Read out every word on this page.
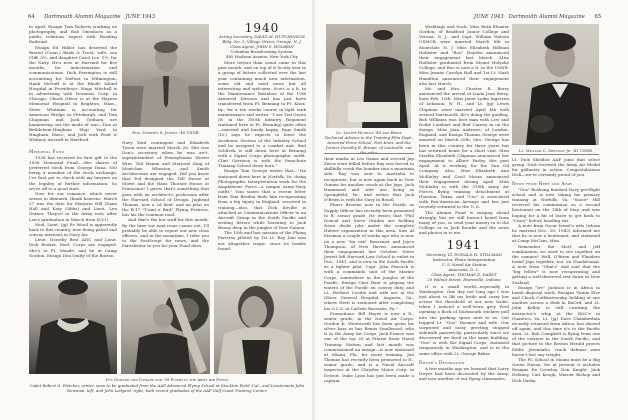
64 Dartmouth Alumni Magazine JUNE 1943

in April, Ensign Tom Roberts working on photography, and Bob Oxenhorn as a public relations expert with Reading Railroad.

Ensign Ed Hibler has deserted the Bristol (Conn.) Bank & Trust, wife, son Cliff, 3½, and daughter Carol Lee, 1½, for the Navy. He's now at Harvard for five months, for indoctrination and communications. Dick Farrington is still accounting for DuPont in Wilmington, Hank McDuff is at the Rhode Island Hospital in Providence. Hugo Mitchell is in advertising with Doremus Corp. in Chicago. Chuck Oliver is at the Haynes Memorial Hospital in Brighton, Mass., Steve Whitman is accounting for American Bridge in Pittsburgh, and Tom Chapman and Jack Graham are hammering out the mode of war—Tom at Bethlehem-Hingham Ship Yard in Hingham, Mass., and Jack with Pratt & Whitney Aircraft in Hartford.

Memorial Fund

1938 has received its first gift to the 1938 Memorial Fund.....five shares of preferred stock from George Dana. Not being a member of the stock exchange, I've first got to check with my lawyers on the legality of further information. So we're off to a good start.

Now for our romance, which never seems to diminish, thank heavens. March 27 was the date for Marjorie Hill (Dana Hall and Katy Gibbs) and Lieut. Len Gutner. They're in the Army now, after Len's graduation in March from N.Y.U.

Mod. Lieut. (jg) Ev Wood is apparently back in this country, now doing patrol and convoy missions in Navy Air.

Lieut. Dorothy Best ANC and Lieut. Dick Rooker, Med. Corps are engaged. She's at Ft. Meade, and he at Camp Gordon. Ensign Don Quilty of the Boston

Ens. Stephen S. Jewett '40 USNR

Navy Yard contingent and Elizabeth Tyson were married March 26. She was Don's secretary when he was aw't. superintendent of Pennsylvania Woven Wire. Ted Hamm and Marjorie King of Montclair, Wheaton, and Smith Architecture are engaged. Did you know that Ted designed the Toll House at Stowe and the Hans Thorner House at Franconia? I guess that's something that goes with an architect's profession after the Harvard School of Design. Jughead Thomas, now a 2d lieut. and an pilot on the B-17 "T'aint a Bird" Flying Fortress, has his the common road.

And that's the hot stuff for this month. By the time our next issue comes out, I'll probably be able to report our new class officers, and in the meantime, I refer you to the PostScript for news, and the Paresbeitor to you for your Fund dues.

1940
Acting Secretary, DAVID M. HUTCHINSON
Bldg. No. 5, Village Green, Orange, N. J.
Class Agent, JOHN S. HOLBEIN
Columbia Broadcasting System,
485 Madison Avenue, New York City

More letters than usual came in this past month, and on top of it Scotty sent in a group of letters collected over the last year containing much new information, some old and used news but all interesting and welcome. Scott is a lt. in the Maintenance Battalion of the 10th Armored Division and has just been transferred from Ft. Benning to Ft. Knox, Ky., for a ten weeks course in light tank maintenance and writes: "I see Ted Green (lt. in the 300th Infantry Regiment stationed here at Ft. Benning) quite often—married and busily happy. Page Smith (Lt.) says he expects to leave the Academic Section of the Infantry School and be assigned to a combat unit. Bud Schlivek is still down here at Benning with a Signal Corps photographic outfit. Clint Garrison is with the Parachute Training School down here."

Ensign Tom George writes that—"I'm stationed down here in Norfolk, Va. doing Photographic Interpretation work for the Amphibious Force—a unique Army-Navy outfit." Tom states that a recent letter from Tom Braden finds him recuperating from a leg injury in England, received in training—also, that Dick Keville is attached as Communications Officer to an Aircraft Group in the South Pacific and writing letters while listening to Jack Benny deep in the jungles of New Guinea.

The 15th and last mission of the Flying Fortress piloted by 1st Lt. Ray Dau was not altogether tragic, since its bombs found

It's Onward and Upward for '39 Fliers in the Army Air Force
Cadet Robert G. Fletcher, center, soon to be graduated from the AAF Advanced Flying School at Stockton Field, Cal., and Lieutenants John Newman, left, and John Ledyard, right, both recent graduates of the AAF Gulf Coast Training Center.
JUNE 1943 Dartmouth Alumni Magazine 65
Lt. Lester Nichols '40 and Bride
Technical Advisor in the Training Film Dept., Armored Force School, Fort Knox, and the former Dorothy E. Brimer, of Louisville, cut the cake.

their marks in Los Ganas and several Jap Zeros were felled before Ray was forced to skillfully crash the bomber into a mountain side. Ray was sent to Australia to recuperate, but is now again back in New Guinea for another crack at the Japs. Jack Hummond and wife are living in Springfield, Pa., and writes that Jack O'Brien is with the Navy in Brazil.

Elmer Browne now in the Pacific as Supply Officer has recently been promoted to lt. senior grade. He writes that "Phil Doucal and Steve Graden are holding down desks jobs under the complete Hubert organization in this area. Saw Al Eissman a couple of weeks ago who is now on a new "tin can" Bessemer and Joyce Thompson, of New Haven, announced their engagement last October. Steve Jewett left Harvard Law School to enlist in Dec., 1941, and is now in the South Pacific as a fighter pilot. Capt. John Peacock is with a commando unit of the Marine Corps, somewhere in the jungles of the Pacific. Ensign Chet Bent is playing the waters of the Pacific on convoy duty, and Lt. Herbert Coodie and wife are at the Oliver General Hospital, Augusta, Ga., where Herb is stationed after completing his O.C.S. at Carlisle Barracks, Pa."

Promotions: Bill Hayes is now a lt., senior grade, in the Naval Air Corps. Gordon K. Wentworth has been given his silver bars as has Bemis Smallwood, who is in the Army Air Corps. Jack France was one of the top 20 at Prairie State Naval Training Station and last month was commissioned an ensign—is now stationed at Miami, Fla. for more training. Jim Thomas has recently been promoted to lt., senior grade, and is a Naval Aircraft inspector at the Chrysler Motor Corp. in Detroit. Duke Lyon has just been made a captain.

Weddings and Such: Miss Ruth Eleanor Gordon, of Bradford Junior College and Verona, N. J., and Capt. William Watson USMCR were married March 6th in Montclair, N. J. Miss Elizabeth Hillman Hollister and "Boo" Hayden announced their engagement last March. Miss Hollister graduated from Mount Holyoke College, and Boo is now a lt. in the USNR. Miss Jeanne Carolyn Hall and 1st Lt. Nash Hamilton announced their engagement also last March.

Mr. and Mrs. Chester R. Berry announced the arrival of Linda Jean Berry, born Feb. 12th. Miss Janet Lydia Ingerson of Lebanon, N. H., and Lt. (jg) Lewis Chipman were married April 4th with several Dartmouth '40's doing the guiding. Bob Williams was best man with Lew and Dodie Lambert and Bud Carney in on the doings. Miss Jean Andrews, of London, England, and Ensign Thomas George were married on March 20th. Mrs. George has been in this country for three years but has returned home for a short visit. Miss Martha Elizabeth Chipman announced her engagement to Albert Farley this past April. Al is working for the Sun Oil Company. Also, Miss Elizabeth Ann McKinley and Cecil Moses announced their engagement during April. Miss McKinley is with the 319th Army Air Forces flying training detachment at Houston, Texas, and "Cec" is associated with Pan-American Airways and has just recently returned to the U. S.

The Alumni Fund is surging ahead strongly, but we still haven't heard from many of you, so send your money in to the College or to Jack Rourke and the news and photos in to me.

1941
Secretary, LT. DONALD H. STILLMAN
Instructor, Photo Interpretation
U. S. Naval Air Station
Anacostia, D. C.
Class Agent, THOMAS E. DARST
20 Walnut Street, Evansville, Indiana

It is a small world—especially in Washington. One day not long ago I was just about to lift my bride and carry her across the threshold of our new home, when I noticed a well-worn grey Ford opening a flock of Dartmouth stickers pull into the parking space next to us. Out hopped Lt. "Gus" Hosmer and wife. Our surprised and noisy greeting stopped sidewalk passers-by, particularly since we discovered we lived in the same building. "Gus" is with the Signal Corps, stationed temporarily in Washington, and is in the same office with Lt. George Baker.

Dwyer's Decoration

A few months ago we learned that Larry Dwyer had been decorated by the Army, and now another of our flying classmates,

Lt. William C. Sheldon Jr. '41 USNR

Lt. Dick Sheldon AAF joins that select group. Dick received the Army Air Medal for gallantry in action. Congratulations Dick—we're certainly proud of you.

News from Here and Afar

"Gus" Boshong finished Navy pre-flight school and is now taking his primary training at Norfolk, Va. "Snoot" Hill received his commission as a second lieutenant on the 14th of May, and was hoping for a bit of leave to get back to "Cincy" before heading out.

A note from Oscar Israel's wife (whom he married Dec. 28, 1942) informed me that he is now a lieutenant, and stationed at Camp McCain, Miss.

Remember the Mort and Jeff combination we used to see together on the campus? Well, O'Brien and Flanders found Japs together, too, on Guadalcanal. A note from "Obie's" dad said that the "big fellow" is now recuperating and getting a well-deserved rest down in New Zealand.

Ensign "Irv" Jackson is in Africa in bomb disposal work. Ensigns Vinnie Else and Chuck Cuthbertsonky, holding at one another across a desk in BuOrd, and Lt. John Kelley is still cracking the instructor's whip at the ROC's in Quantico, Va. Lt. (jg) Dave Chamberlain recently returned from Africa, has shoved off again, and this time it's to the Pacific area. Lt. Bob Campbell is flying from one of the carriers in the South Pacific, and that picture in the Boston Herald proves Eddie Jeremiah's crack defense men haven't lost any weight.

The PC School in Miami must be a Big Green Haven, for at present it includes Ensigns Ex Crowley, Don Knight, Jack Delaney, Carl Keogh, Warner Bishop and Dick Darby.
